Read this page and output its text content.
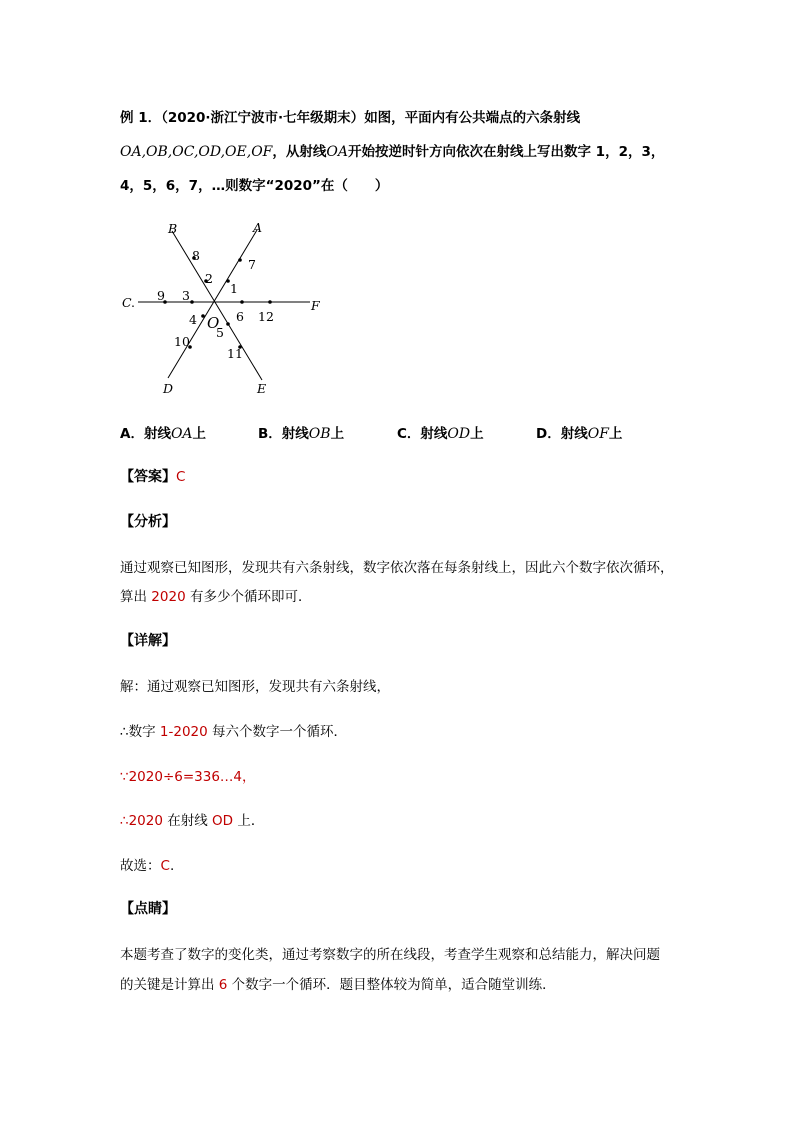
例 1．（2020·浙江宁波市·七年级期末）如图，平面内有公共端点的六条射线
OA,OB,OC,OD,OE,OF，从射线OA开始按逆时针方向依次在射线上写出数字 1，2，3，
4，5，6，7，…则数字“2020”在（　　）
A
B
C .
D	E
F
O
1
2
3
4
5
6
7
8
9
10
11
12
A．射线OA上	B．射线OB上	C．射线OD上	D．射线OF上
【答案】C
【分析】
通过观察已知图形，发现共有六条射线，数字依次落在每条射线上，因此六个数字依次循环，
算出 2020 有多少个循环即可．
【详解】
解：通过观察已知图形，发现共有六条射线，
∴数字 1-2020 每六个数字一个循环．
∵2020÷6=336…4，
∴2020 在射线 OD 上．
故选：C.
【点睛】
本题考查了数字的变化类，通过考察数字的所在线段，考查学生观察和总结能力，解决问题
的关键是计算出 6 个数字一个循环．题目整体较为简单，适合随堂训练．
